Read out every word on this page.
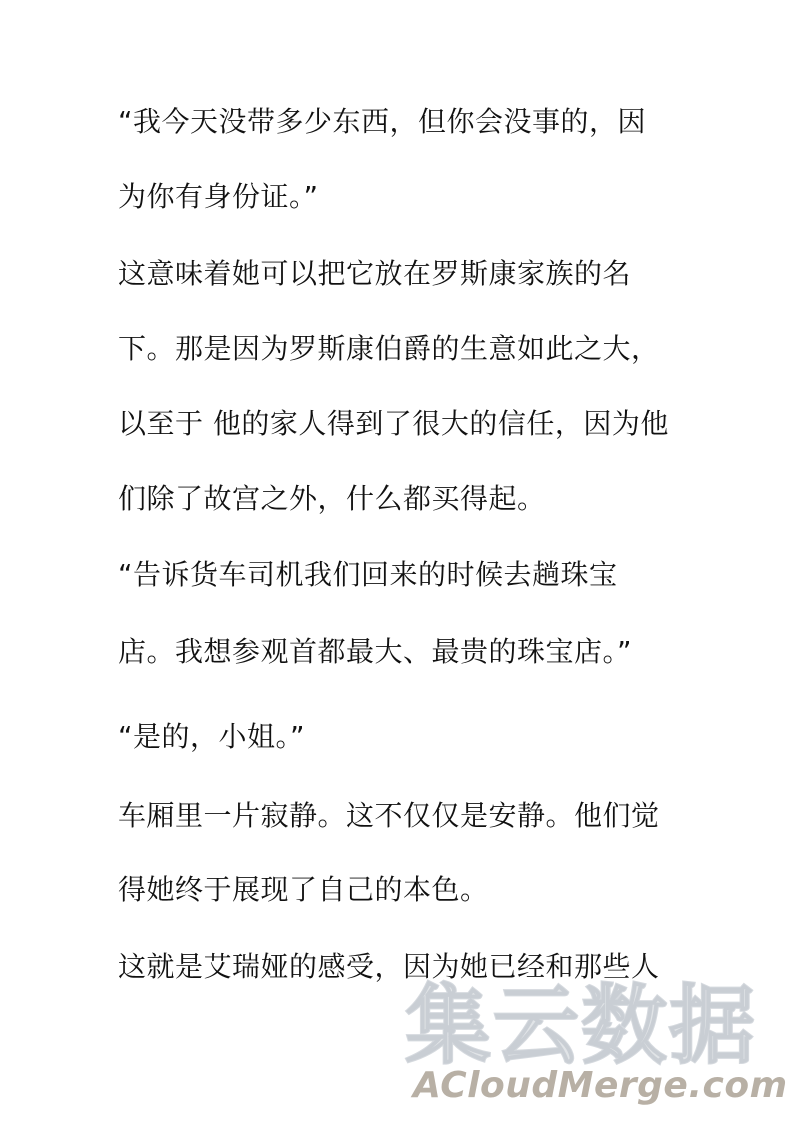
“我今天没带多少东西，但你会没事的，因
为你有身份证。”
这意味着她可以把它放在罗斯康家族的名
下。那是因为罗斯康伯爵的生意如此之大，
以至于 他的家人得到了很大的信任，因为他
们除了故宫之外，什么都买得起。
“告诉货车司机我们回来的时候去趟珠宝
店。我想参观首都最大、最贵的珠宝店。”
“是的，小姐。”
车厢里一片寂静。这不仅仅是安静。他们觉
得她终于展现了自己的本色。
这就是艾瑞娅的感受，因为她已经和那些人
集云数据
ACloudMerge.com
